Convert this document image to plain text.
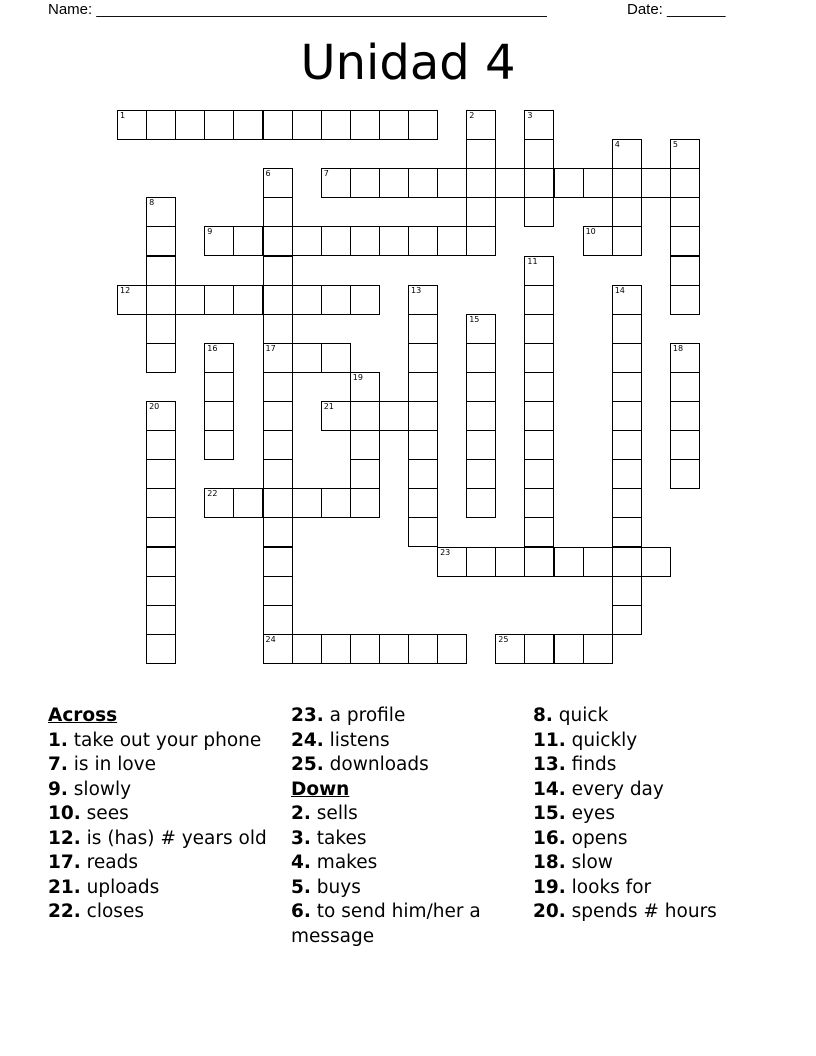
Name: ______________________________________________________	Date: _______
Unidad 4
1
7
9	10
12
17
21
22
23
24	25
2	3
4	5
6
8
11
13	14
15
16	18
19
20
Across

1. take out your phone

7. is in love

9. slowly

10. sees

12. is (has) # years old

17. reads

21. uploads

22. closes

23. a profile

24. listens

25. downloads

Down

2. sells

3. takes

4. makes

5. buys

6. to send him/her a message

8. quick

11. quickly

13. finds

14. every day

15. eyes

16. opens

18. slow

19. looks for

20. spends # hours
